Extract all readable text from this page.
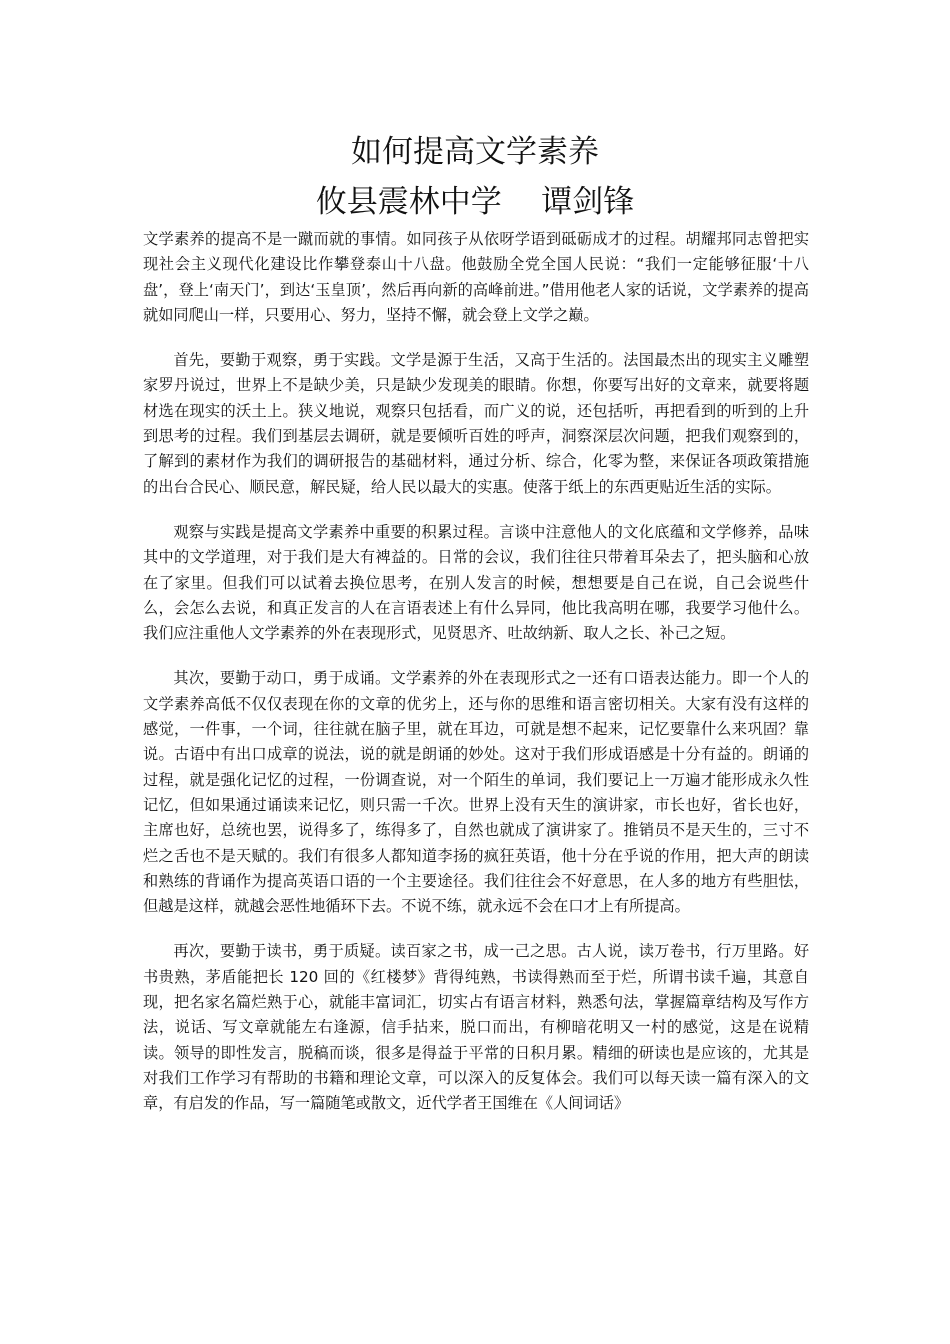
如何提高文学素养
攸县震林中学    谭剑锋

文学素养的提高不是一蹴而就的事情。如同孩子从依呀学语到砥砺成才的过程。胡耀邦同志曾把实现社会主义现代化建设比作攀登泰山十八盘。他鼓励全党全国人民说：“我们一定能够征服‘十八盘’，登上‘南天门’，到达‘玉皇顶’，然后再向新的高峰前进。”借用他老人家的话说，文学素养的提高就如同爬山一样，只要用心、努力，坚持不懈，就会登上文学之巅。

首先，要勤于观察，勇于实践。文学是源于生活，又高于生活的。法国最杰出的现实主义雕塑家罗丹说过，世界上不是缺少美，只是缺少发现美的眼睛。你想，你要写出好的文章来，就要将题材选在现实的沃土上。狭义地说，观察只包括看，而广义的说，还包括听，再把看到的听到的上升到思考的过程。我们到基层去调研，就是要倾听百姓的呼声，洞察深层次问题，把我们观察到的，了解到的素材作为我们的调研报告的基础材料，通过分析、综合，化零为整，来保证各项政策措施的出台合民心、顺民意，解民疑，给人民以最大的实惠。使落于纸上的东西更贴近生活的实际。

观察与实践是提高文学素养中重要的积累过程。言谈中注意他人的文化底蕴和文学修养，品味其中的文学道理，对于我们是大有裨益的。日常的会议，我们往往只带着耳朵去了，把头脑和心放在了家里。但我们可以试着去换位思考，在别人发言的时候，想想要是自己在说，自己会说些什么，会怎么去说，和真正发言的人在言语表述上有什么异同，他比我高明在哪，我要学习他什么。我们应注重他人文学素养的外在表现形式，见贤思齐、吐故纳新、取人之长、补己之短。

其次，要勤于动口，勇于成诵。文学素养的外在表现形式之一还有口语表达能力。即一个人的文学素养高低不仅仅表现在你的文章的优劣上，还与你的思维和语言密切相关。大家有没有这样的感觉，一件事，一个词，往往就在脑子里，就在耳边，可就是想不起来，记忆要靠什么来巩固？靠说。古语中有出口成章的说法，说的就是朗诵的妙处。这对于我们形成语感是十分有益的。朗诵的过程，就是强化记忆的过程，一份调查说，对一个陌生的单词，我们要记上一万遍才能形成永久性记忆，但如果通过诵读来记忆，则只需一千次。世界上没有天生的演讲家，市长也好，省长也好，主席也好，总统也罢，说得多了，练得多了，自然也就成了演讲家了。推销员不是天生的，三寸不烂之舌也不是天赋的。我们有很多人都知道李扬的疯狂英语，他十分在乎说的作用，把大声的朗读和熟练的背诵作为提高英语口语的一个主要途径。我们往往会不好意思，在人多的地方有些胆怯，但越是这样，就越会恶性地循环下去。不说不练，就永远不会在口才上有所提高。

再次，要勤于读书，勇于质疑。读百家之书，成一己之思。古人说，读万卷书，行万里路。好书贵熟，茅盾能把长 120 回的《红楼梦》背得纯熟，书读得熟而至于烂，所谓书读千遍，其意自现，把名家名篇烂熟于心，就能丰富词汇，切实占有语言材料，熟悉句法，掌握篇章结构及写作方法，说话、写文章就能左右逢源，信手拈来，脱口而出，有柳暗花明又一村的感觉，这是在说精读。领导的即性发言，脱稿而谈，很多是得益于平常的日积月累。精细的研读也是应该的，尤其是对我们工作学习有帮助的书籍和理论文章，可以深入的反复体会。我们可以每天读一篇有深入的文章，有启发的作品，写一篇随笔或散文，近代学者王国维在《人间词话》
